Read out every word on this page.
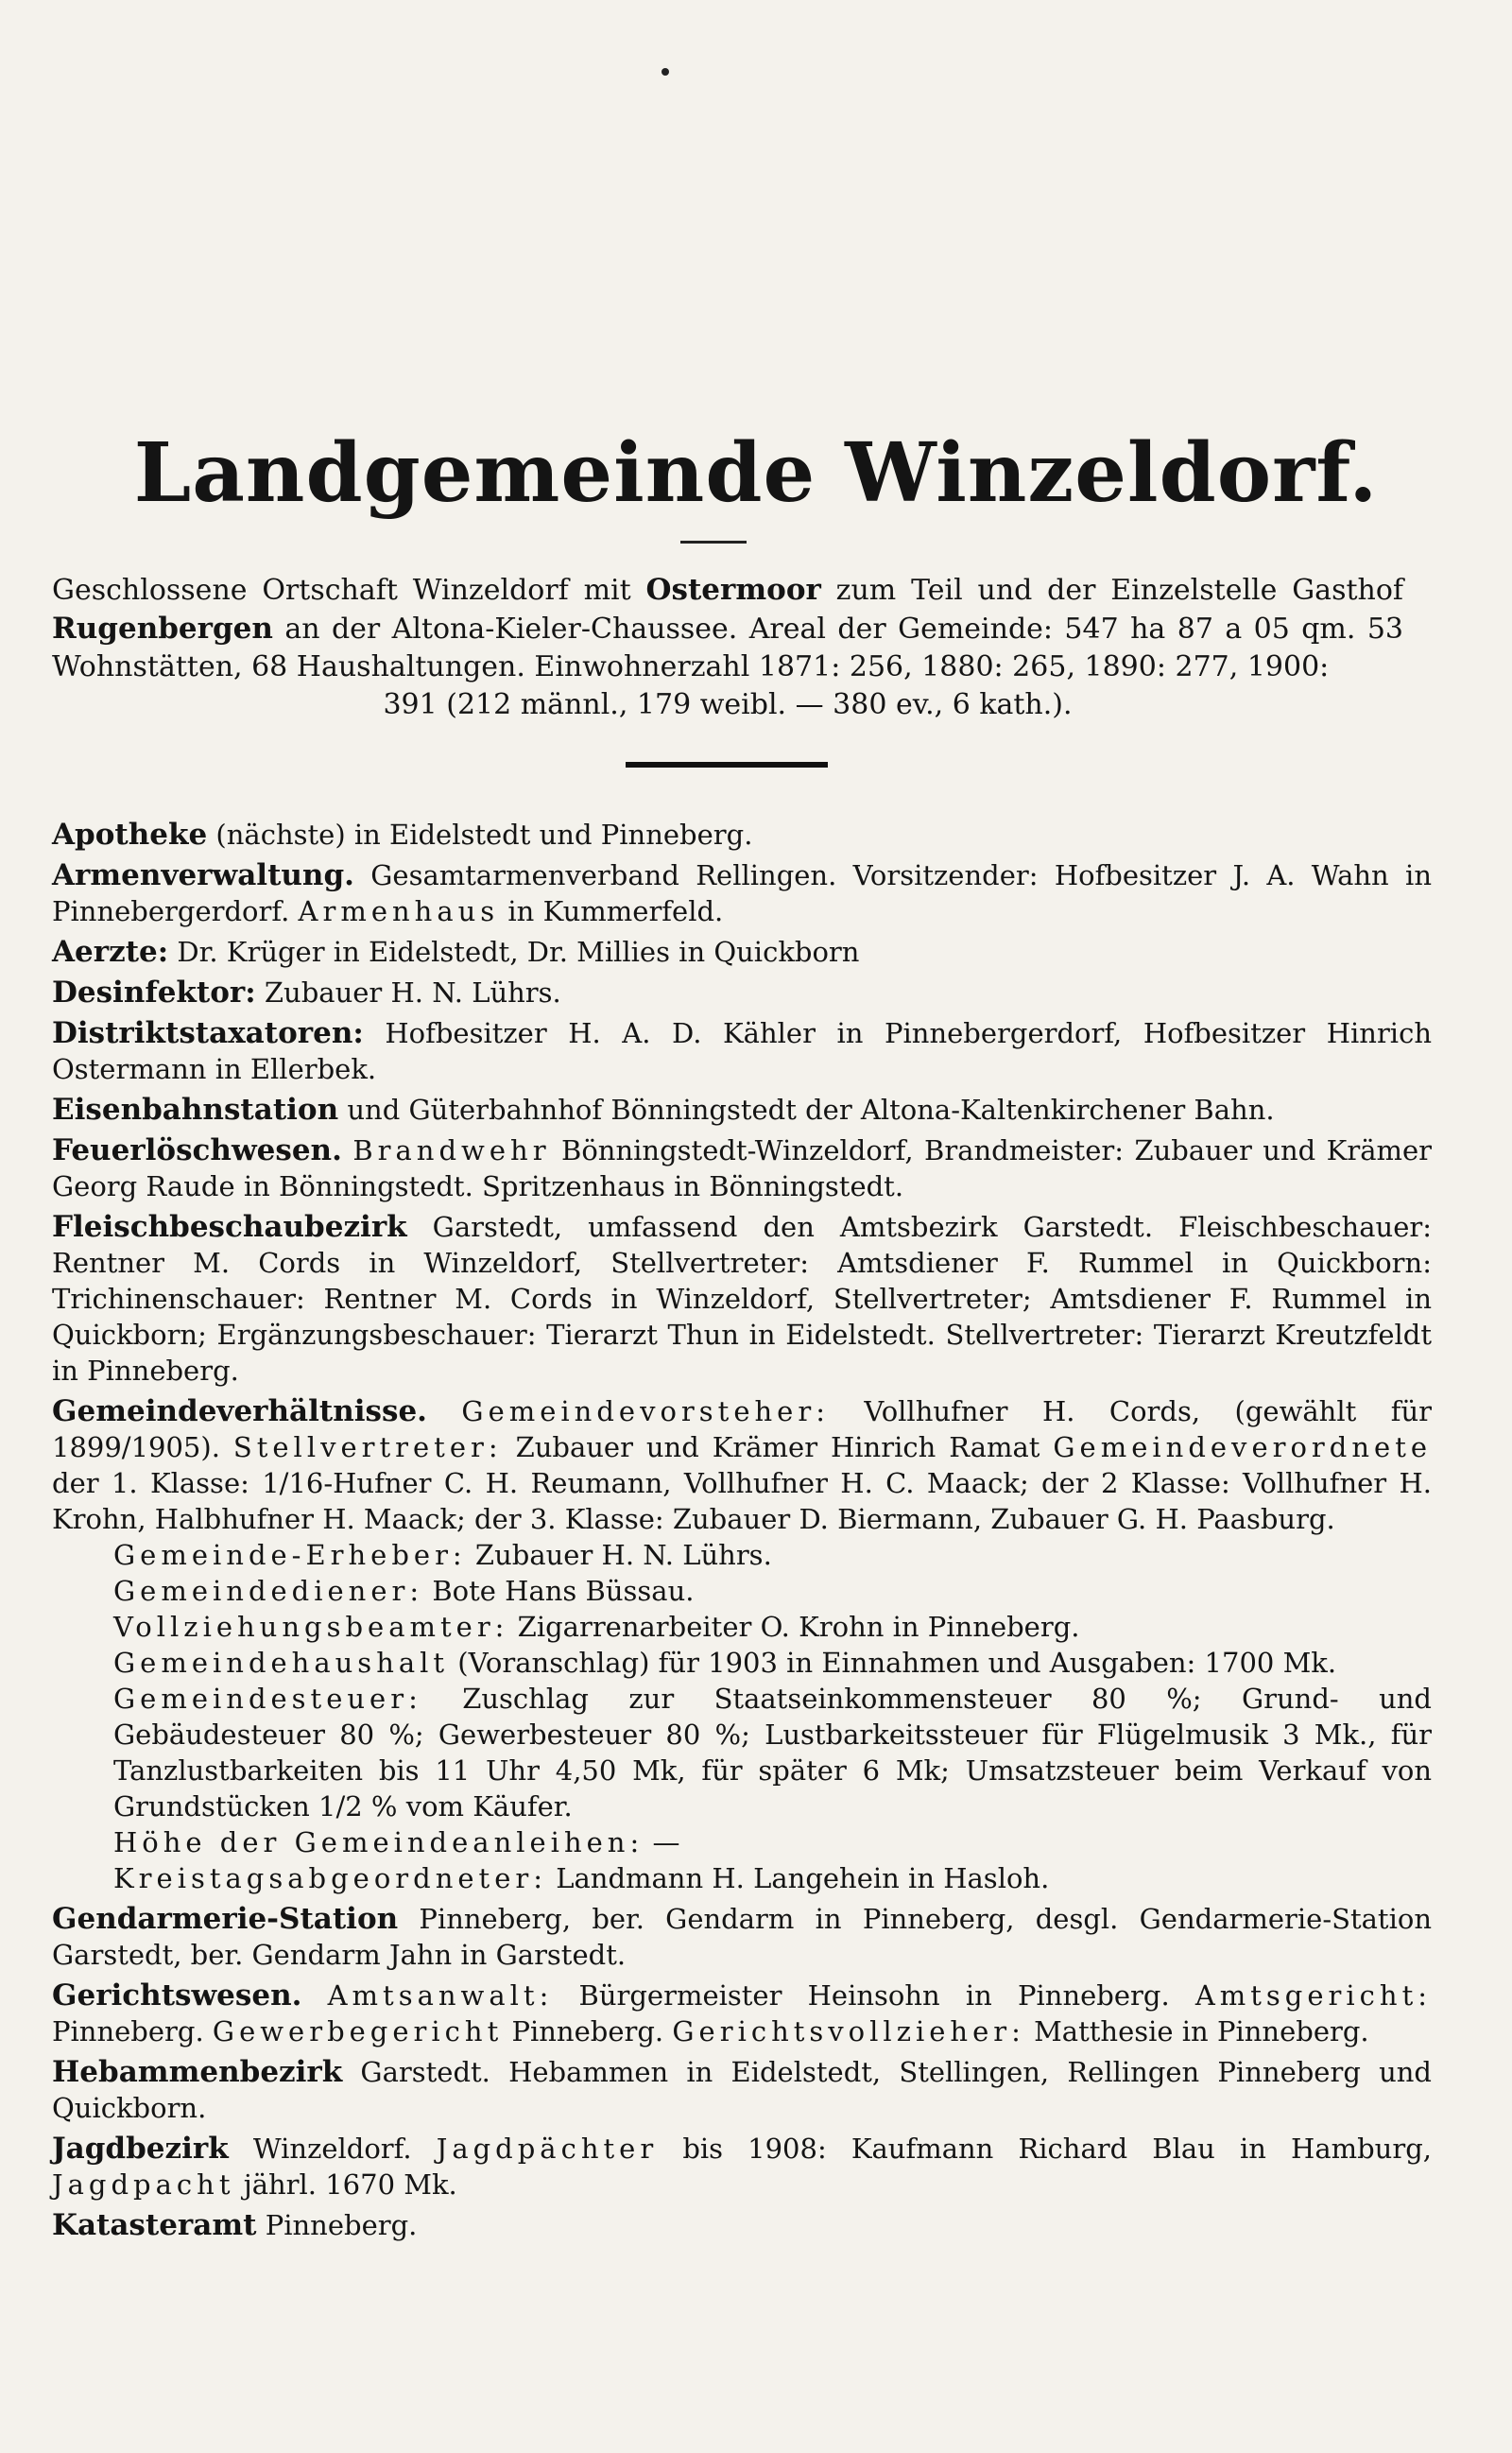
Landgemeinde Winzeldorf.
Geschlossene Ortschaft Winzeldorf mit Ostermoor zum Teil und der Einzelstelle Gasthof Rugenbergen an der Altona-Kieler-Chaussee. Areal der Gemeinde: 547 ha 87 a 05 qm. 53 Wohnstätten, 68 Haushaltungen. Einwohnerzahl 1871: 256, 1880: 265, 1890: 277, 1900:
391 (212 männl., 179 weibl. — 380 ev., 6 kath.).
Apotheke (nächste) in Eidelstedt und Pinneberg.
Armenverwaltung. Gesamtarmenverband Rellingen. Vorsitzender: Hofbesitzer J. A. Wahn in Pinnebergerdorf. Armenhaus in Kummerfeld.
Aerzte: Dr. Krüger in Eidelstedt, Dr. Millies in Quickborn
Desinfektor: Zubauer H. N. Lührs.
Distriktstaxatoren: Hofbesitzer H. A. D. Kähler in Pinnebergerdorf, Hofbesitzer Hinrich Ostermann in Ellerbek.
Eisenbahnstation und Güterbahnhof Bönningstedt der Altona-Kaltenkirchener Bahn.
Feuerlöschwesen. Brandwehr Bönningstedt-Winzeldorf, Brandmeister: Zubauer und Krämer Georg Raude in Bönningstedt. Spritzenhaus in Bönningstedt.
Fleischbeschaubezirk Garstedt, umfassend den Amtsbezirk Garstedt. Fleischbeschauer: Rentner M. Cords in Winzeldorf, Stellvertreter: Amtsdiener F. Rummel in Quickborn: Trichinenschauer: Rentner M. Cords in Winzeldorf, Stellvertreter; Amtsdiener F. Rummel in Quickborn; Ergänzungsbeschauer: Tierarzt Thun in Eidelstedt. Stellvertreter: Tierarzt Kreutzfeldt in Pinneberg.
Gemeindeverhältnisse. Gemeindevorsteher: Vollhufner H. Cords, (gewählt für 1899/1905). Stellvertreter: Zubauer und Krämer Hinrich Ramat Gemeindeverordnete der 1. Klasse: 1/16-Hufner C. H. Reumann, Vollhufner H. C. Maack; der 2 Klasse: Vollhufner H. Krohn, Halbhufner H. Maack; der 3. Klasse: Zubauer D. Biermann, Zubauer G. H. Paasburg.
Gemeinde-Erheber: Zubauer H. N. Lührs.
Gemeindediener: Bote Hans Büssau.
Vollziehungsbeamter: Zigarrenarbeiter O. Krohn in Pinneberg.
Gemeindehaushalt (Voranschlag) für 1903 in Einnahmen und Ausgaben: 1700 Mk.
Gemeindesteuer: Zuschlag zur Staatseinkommensteuer 80 %; Grund- und Gebäudesteuer 80 %; Gewerbesteuer 80 %; Lustbarkeitssteuer für Flügelmusik 3 Mk., für Tanzlustbarkeiten bis 11 Uhr 4,50 Mk, für später 6 Mk; Umsatzsteuer beim Verkauf von Grundstücken 1/2 % vom Käufer.
Höhe der Gemeindeanleihen: —
Kreistagsabgeordneter: Landmann H. Langehein in Hasloh.
Gendarmerie-Station Pinneberg, ber. Gendarm in Pinneberg, desgl. Gendarmerie-Station Garstedt, ber. Gendarm Jahn in Garstedt.
Gerichtswesen. Amtsanwalt: Bürgermeister Heinsohn in Pinneberg. Amtsgericht: Pinneberg. Gewerbegericht Pinneberg. Gerichtsvollzieher: Matthesie in Pinneberg.
Hebammenbezirk Garstedt. Hebammen in Eidelstedt, Stellingen, Rellingen Pinneberg und Quickborn.
Jagdbezirk Winzeldorf. Jagdpächter bis 1908: Kaufmann Richard Blau in Hamburg, Jagdpacht jährl. 1670 Mk.
Katasteramt Pinneberg.
